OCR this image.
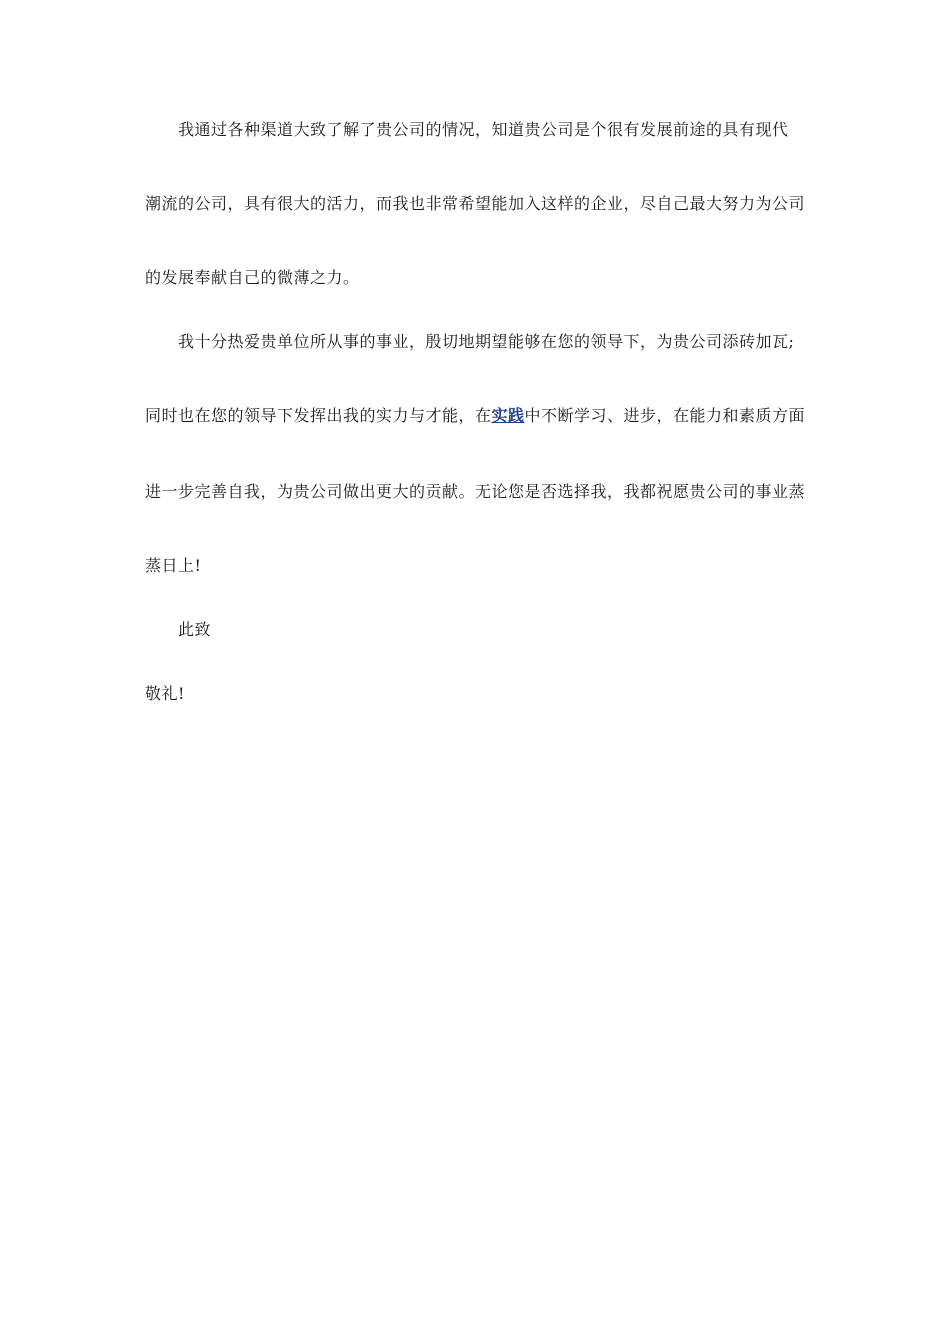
我通过各种渠道大致了解了贵公司的情况，知道贵公司是个很有发展前途的具有现代
潮流的公司，具有很大的活力，而我也非常希望能加入这样的企业，尽自己最大努力为公司
的发展奉献自己的微薄之力。
我十分热爱贵单位所从事的事业，殷切地期望能够在您的领导下，为贵公司添砖加瓦;
同时也在您的领导下发挥出我的实力与才能，在实践中不断学习、进步，在能力和素质方面
进一步完善自我，为贵公司做出更大的贡献。无论您是否选择我，我都祝愿贵公司的事业蒸
蒸日上!
此致
敬礼!
